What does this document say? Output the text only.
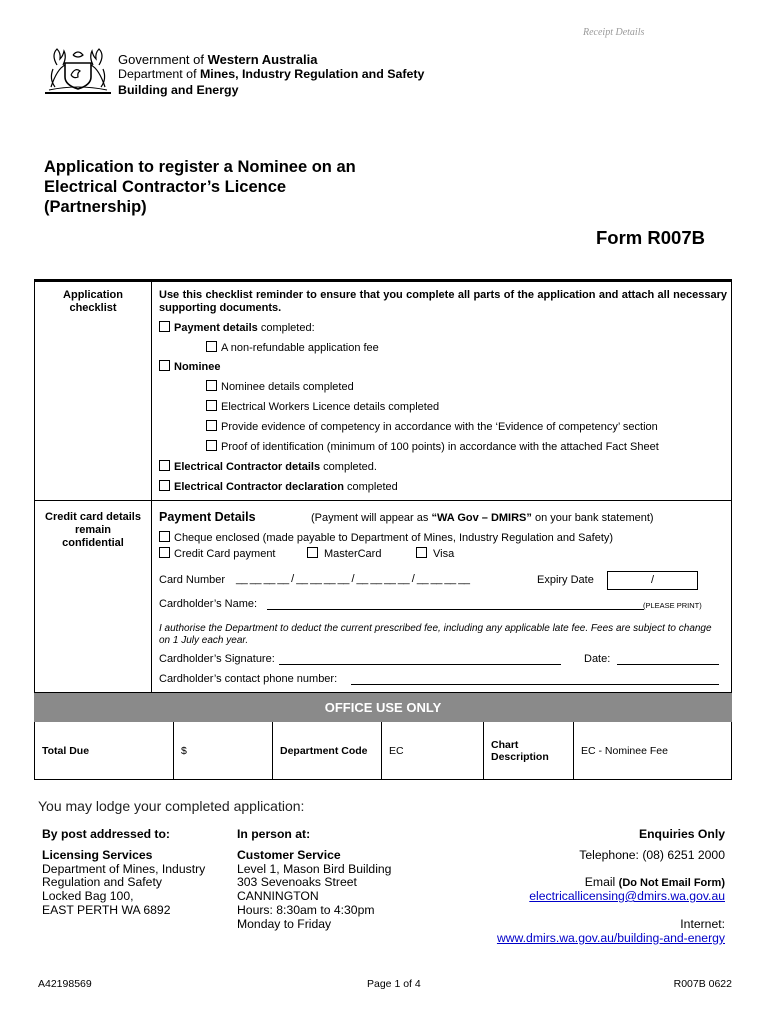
Receipt Details
Government of Western Australia
Department of Mines, Industry Regulation and Safety
Building and Energy
Application to register a Nominee on an
Electrical Contractor’s Licence
(Partnership)
Form R007B
Application
checklist
Use this checklist reminder to ensure that you complete all parts of the application and attach all necessary supporting documents.
Payment details completed:
A non-refundable application fee
Nominee
Nominee details completed
Electrical Workers Licence details completed
Provide evidence of competency in accordance with the ‘Evidence of competency’ section
Proof of identification (minimum of 100 points) in accordance with the attached Fact Sheet
Electrical Contractor details completed.
Electrical Contractor declaration completed
Credit card details
remain
confidential
Payment Details	(Payment will appear as “WA Gov – DMIRS” on your bank statement)
Cheque enclosed (made payable to Department of Mines, Industry Regulation and Safety)
Credit Card payment	MasterCard	Visa
Card Number __ __ __ __ / __ __ __ __ / __ __ __ __ / __ __ __ __	Expiry Date	/
Cardholder’s Name:	(PLEASE PRINT)
I authorise the Department to deduct the current prescribed fee, including any applicable late fee. Fees are subject to change on 1 July each year.
Cardholder’s Signature:	Date:
Cardholder’s contact phone number:
OFFICE USE ONLY
Total Due	$	Department Code	EC	Chart
Description	EC - Nominee Fee
You may lodge your completed application:
By post addressed to:
Licensing Services
Department of Mines, Industry
Regulation and Safety
Locked Bag 100,
EAST PERTH WA 6892
In person at:
Customer Service
Level 1, Mason Bird Building
303 Sevenoaks Street
CANNINGTON
Hours: 8:30am to 4:30pm
Monday to Friday
Enquiries Only
Telephone: (08) 6251 2000
Email (Do Not Email Form)
electricallicensing@dmirs.wa.gov.au
Internet:
www.dmirs.wa.gov.au/building-and-energy
A42198569	Page 1 of 4	R007B 0622
